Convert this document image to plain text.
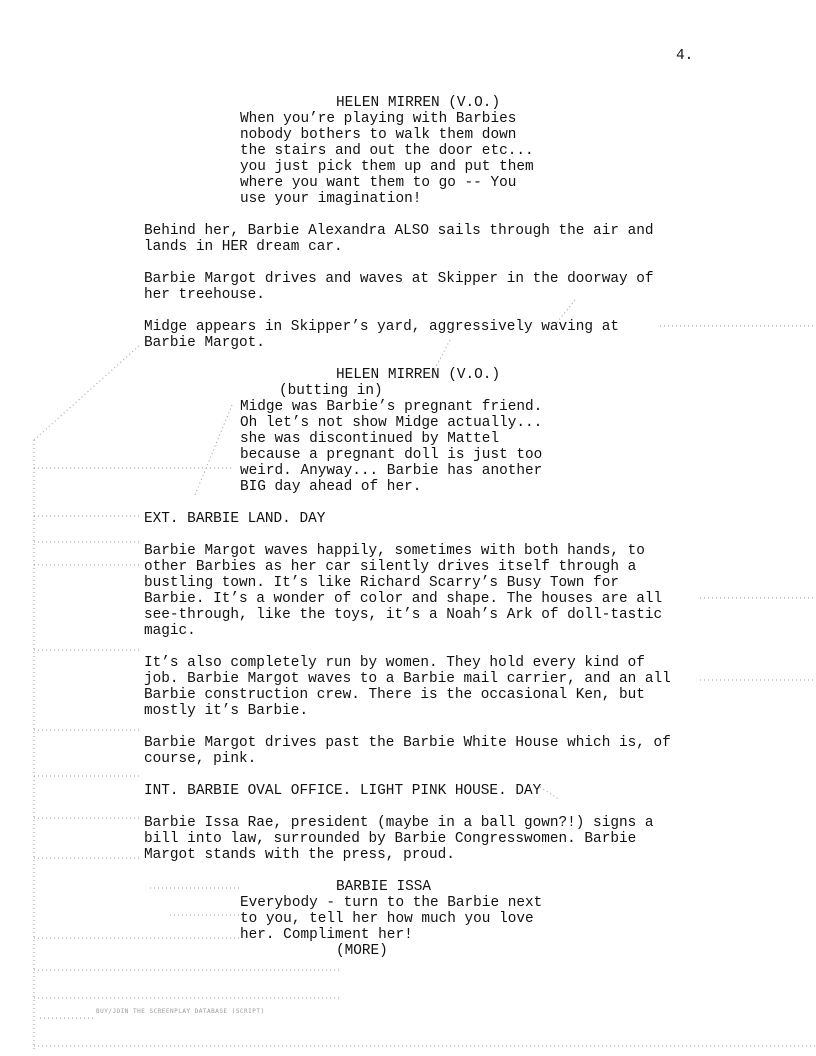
4.
HELEN MIRREN (V.O.)
When you’re playing with Barbies
nobody bothers to walk them down
the stairs and out the door etc...
you just pick them up and put them
where you want them to go -- You
use your imagination!
Behind her, Barbie Alexandra ALSO sails through the air and
lands in HER dream car.
Barbie Margot drives and waves at Skipper in the doorway of
her treehouse.
Midge appears in Skipper’s yard, aggressively waving at
Barbie Margot.
HELEN MIRREN (V.O.)
(butting in)
Midge was Barbie’s pregnant friend.
Oh let’s not show Midge actually...
she was discontinued by Mattel
because a pregnant doll is just too
weird. Anyway... Barbie has another
BIG day ahead of her.
EXT. BARBIE LAND. DAY
Barbie Margot waves happily, sometimes with both hands, to
other Barbies as her car silently drives itself through a
bustling town. It’s like Richard Scarry’s Busy Town for
Barbie. It’s a wonder of color and shape. The houses are all
see-through, like the toys, it’s a Noah’s Ark of doll-tastic
magic.
It’s also completely run by women. They hold every kind of
job. Barbie Margot waves to a Barbie mail carrier, and an all
Barbie construction crew. There is the occasional Ken, but
mostly it’s Barbie.
Barbie Margot drives past the Barbie White House which is, of
course, pink.
INT. BARBIE OVAL OFFICE. LIGHT PINK HOUSE. DAY
Barbie Issa Rae, president (maybe in a ball gown?!) signs a
bill into law, surrounded by Barbie Congresswomen. Barbie
Margot stands with the press, proud.
BARBIE ISSA
Everybody - turn to the Barbie next
to you, tell her how much you love
her. Compliment her!
(MORE)
BUY/JOIN THE SCREENPLAY DATABASE (SCRIPT)
